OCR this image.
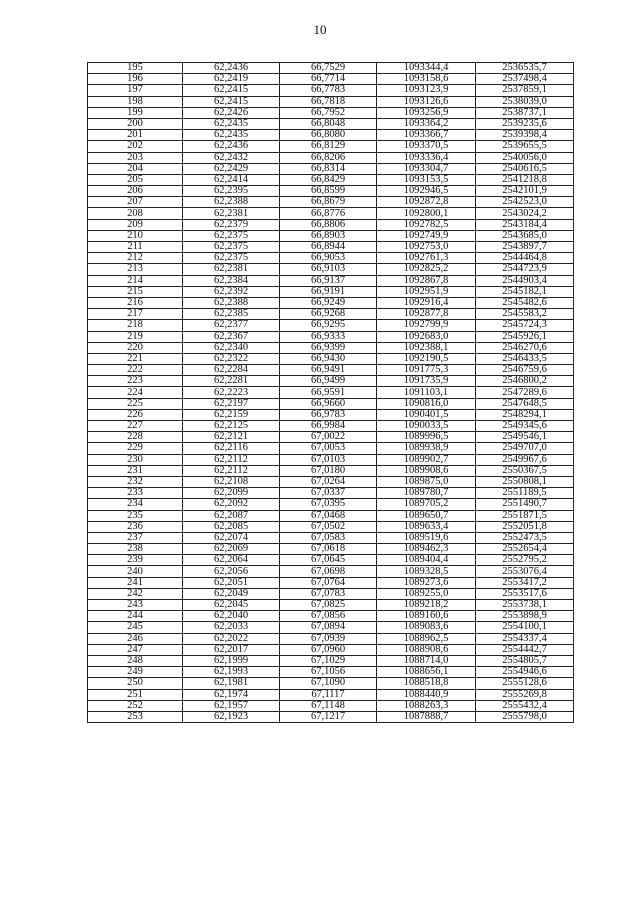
10
195	62,2436	66,7529	1093344,4	2536535,7
196	62,2419	66,7714	1093158,6	2537498,4
197	62,2415	66,7783	1093123,9	2537859,1
198	62,2415	66,7818	1093126,6	2538039,0
199	62,2426	66,7952	1093256,9	2538737,1
200	62,2435	66,8048	1093364,2	2539235,6
201	62,2435	66,8080	1093366,7	2539398,4
202	62,2436	66,8129	1093370,5	2539655,5
203	62,2432	66,8206	1093336,4	2540056,0
204	62,2429	66,8314	1093304,7	2540616,5
205	62,2414	66,8429	1093153,5	2541218,8
206	62,2395	66,8599	1092946,5	2542101,9
207	62,2388	66,8679	1092872,8	2542523,0
208	62,2381	66,8776	1092800,1	2543024,2
209	62,2379	66,8806	1092782,5	2543184,4
210	62,2375	66,8903	1092749,9	2543685,0
211	62,2375	66,8944	1092753,0	2543897,7
212	62,2375	66,9053	1092761,3	2544464,8
213	62,2381	66,9103	1092825,2	2544723,9
214	62,2384	66,9137	1092867,8	2544903,4
215	62,2392	66,9191	1092951,9	2545182,1
216	62,2388	66,9249	1092916,4	2545482,6
217	62,2385	66,9268	1092877,8	2545583,2
218	62,2377	66,9295	1092799,9	2545724,3
219	62,2367	66,9333	1092683,0	2545926,1
220	62,2340	66,9399	1092388,1	2546270,6
221	62,2322	66,9430	1092190,5	2546433,5
222	62,2284	66,9491	1091775,3	2546759,6
223	62,2281	66,9499	1091735,9	2546800,2
224	62,2223	66,9591	1091103,1	2547289,6
225	62,2197	66,9660	1090816,0	2547648,5
226	62,2159	66,9783	1090401,5	2548294,1
227	62,2125	66,9984	1090033,5	2549345,6
228	62,2121	67,0022	1089996,5	2549546,1
229	62,2116	67,0053	1089938,9	2549707,0
230	62,2112	67,0103	1089902,7	2549967,6
231	62,2112	67,0180	1089908,6	2550367,5
232	62,2108	67,0264	1089875,0	2550808,1
233	62,2099	67,0337	1089780,7	2551189,5
234	62,2092	67,0395	1089705,2	2551490,7
235	62,2087	67,0468	1089650,7	2551871,5
236	62,2085	67,0502	1089633,4	2552051,8
237	62,2074	67,0583	1089519,6	2552473,5
238	62,2069	67,0618	1089462,3	2552654,4
239	62,2064	67,0645	1089404,4	2552795,2
240	62,2056	67,0698	1089328,5	2553076,4
241	62,2051	67,0764	1089273,6	2553417,2
242	62,2049	67,0783	1089255,0	2553517,6
243	62,2045	67,0825	1089218,2	2553738,1
244	62,2040	67,0856	1089160,6	2553898,9
245	62,2033	67,0894	1089083,6	2554100,1
246	62,2022	67,0939	1088962,5	2554337,4
247	62,2017	67,0960	1088908,6	2554442,7
248	62,1999	67,1029	1088714,0	2554805,7
249	62,1993	67,1056	1088656,1	2554946,6
250	62,1981	67,1090	1088518,8	2555128,6
251	62,1974	67,1117	1088440,9	2555269,8
252	62,1957	67,1148	1088263,3	2555432,4
253	62,1923	67,1217	1087888,7	2555798,0
